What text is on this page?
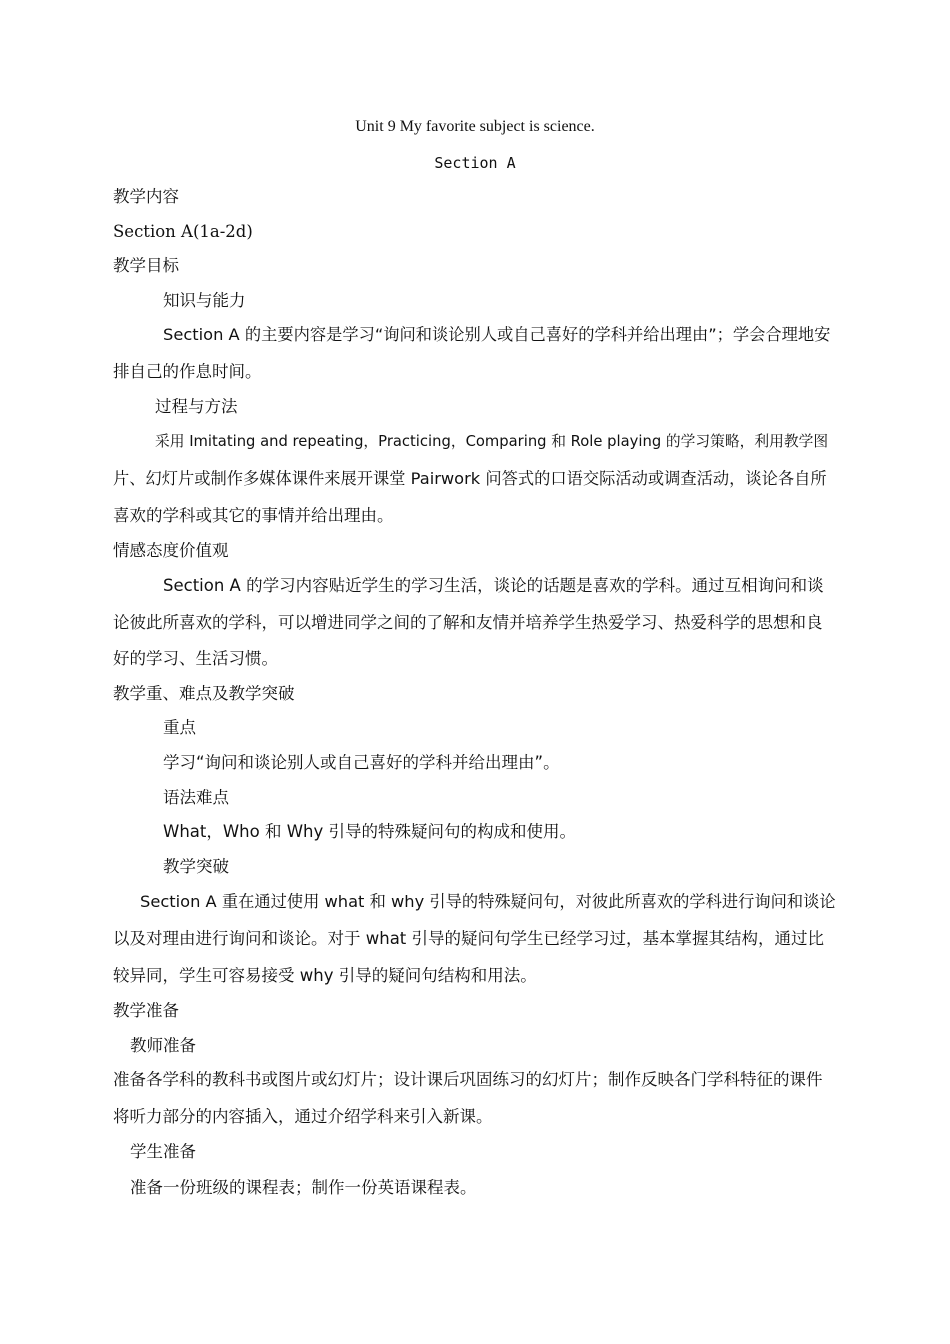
Unit 9 My favorite subject is science.
Section A
教学内容
Section A(1a-2d)
教学目标
知识与能力
Section A 的主要内容是学习“询问和谈论别人或自己喜好的学科并给出理由”；学会合理地安
排自己的作息时间。
过程与方法
采用 Imitating and repeating，Practicing，Comparing 和 Role playing 的学习策略，利用教学图
片、幻灯片或制作多媒体课件来展开课堂 Pairwork 问答式的口语交际活动或调查活动，谈论各自所
喜欢的学科或其它的事情并给出理由。
情感态度价值观
Section A 的学习内容贴近学生的学习生活，谈论的话题是喜欢的学科。通过互相询问和谈
论彼此所喜欢的学科，可以增进同学之间的了解和友情并培养学生热爱学习、热爱科学的思想和良
好的学习、生活习惯。
教学重、难点及教学突破
重点
学习“询问和谈论别人或自己喜好的学科并给出理由”。
语法难点
What，Who 和 Why 引导的特殊疑问句的构成和使用。
教学突破
Section A 重在通过使用 what 和 why 引导的特殊疑问句，对彼此所喜欢的学科进行询问和谈论
以及对理由进行询问和谈论。对于 what 引导的疑问句学生已经学习过，基本掌握其结构，通过比
较异同，学生可容易接受 why 引导的疑问句结构和用法。
教学准备
教师准备
准备各学科的教科书或图片或幻灯片；设计课后巩固练习的幻灯片；制作反映各门学科特征的课件
将听力部分的内容插入，通过介绍学科来引入新课。
学生准备
准备一份班级的课程表；制作一份英语课程表。
